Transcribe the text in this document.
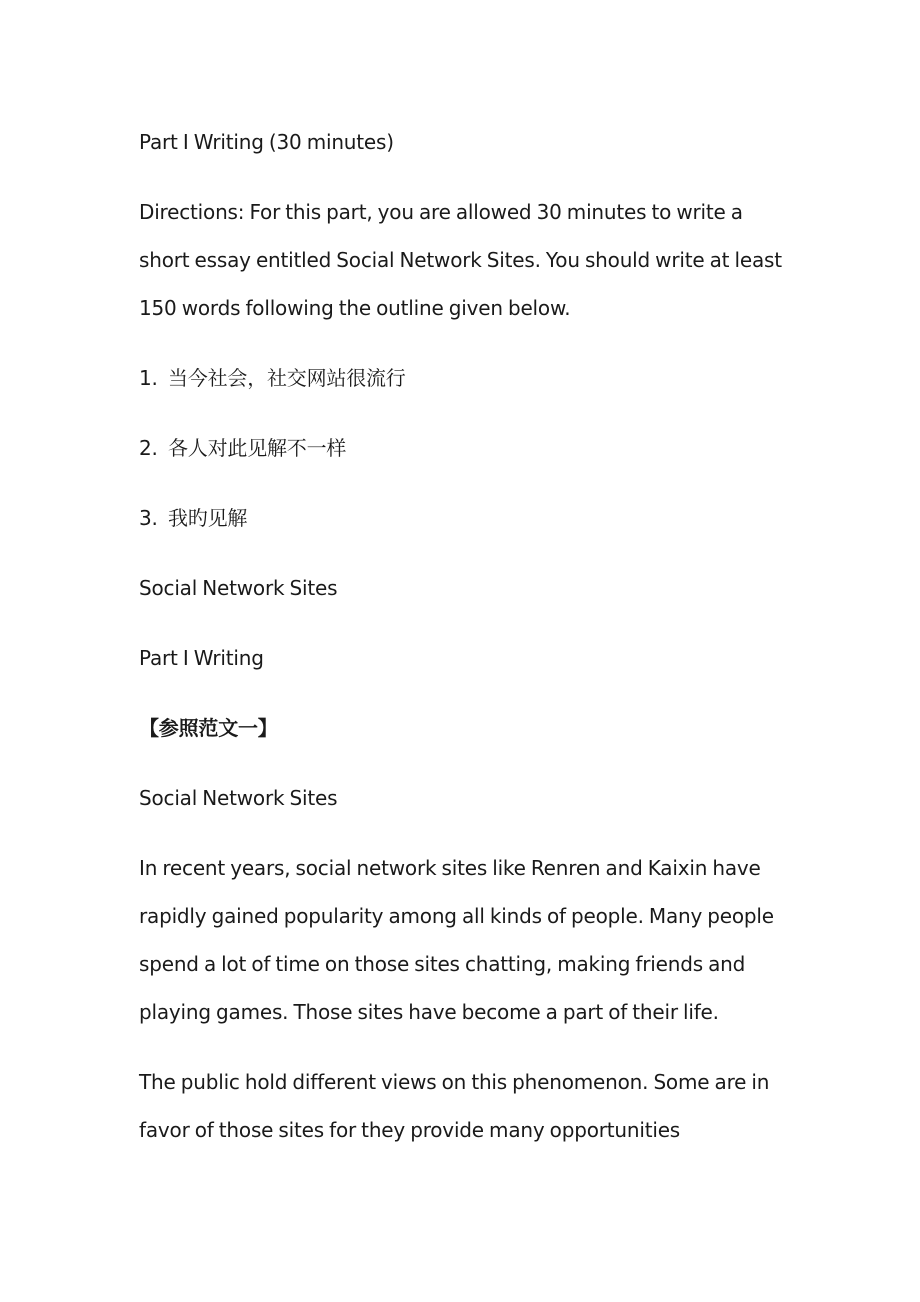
Part I Writing (30 minutes)

Directions: For this part, you are allowed 30 minutes to write a short essay entitled Social Network Sites. You should write at least 150 words following the outline given below.

1. 当今社会，社交网站很流行
2. 各人对此见解不一样
3. 我旳见解

Social Network Sites

Part I Writing

【参照范文一】

Social Network Sites

In recent years, social network sites like Renren and Kaixin have rapidly gained popularity among all kinds of people. Many people spend a lot of time on those sites chatting, making friends and playing games. Those sites have become a part of their life.

The public hold different views on this phenomenon. Some are in favor of those sites for they provide many opportunities
